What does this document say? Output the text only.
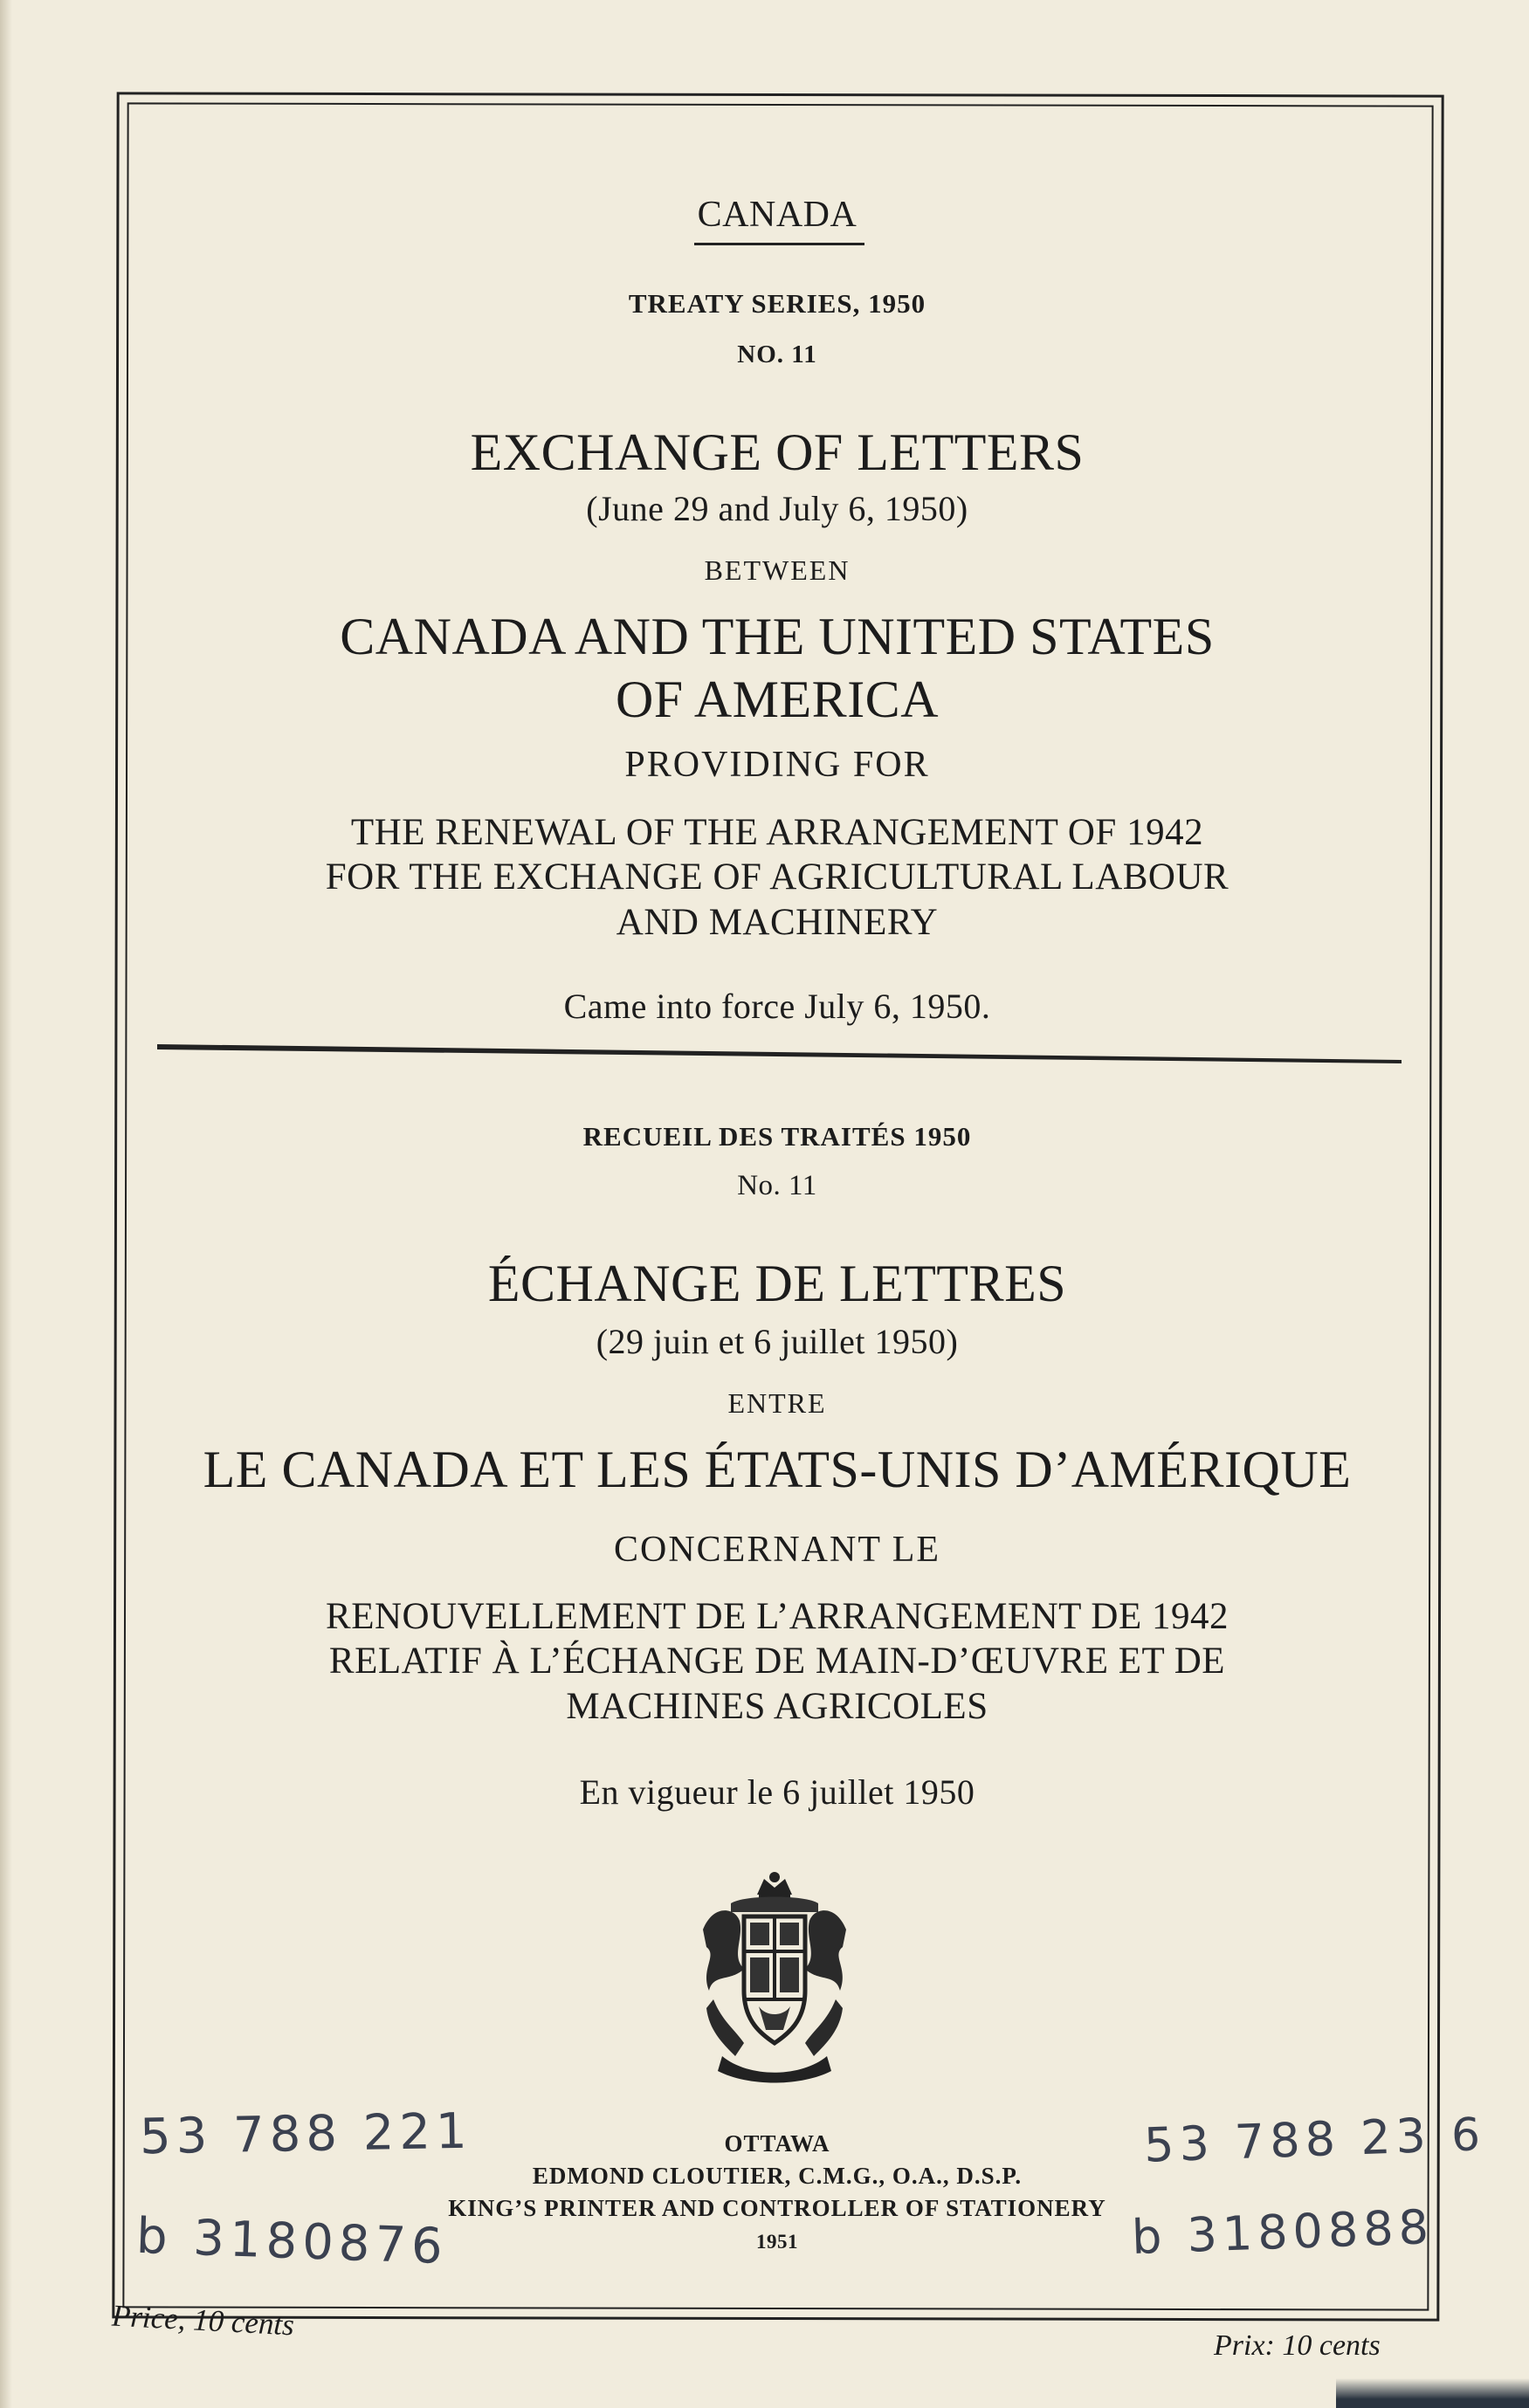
CANADA
TREATY SERIES, 1950
NO. 11
EXCHANGE OF LETTERS
(June 29 and July 6, 1950)
BETWEEN
CANADA AND THE UNITED STATES
OF AMERICA
PROVIDING FOR
THE RENEWAL OF THE ARRANGEMENT OF 1942
FOR THE EXCHANGE OF AGRICULTURAL LABOUR
AND MACHINERY
Came into force July 6, 1950.
RECUEIL DES TRAITÉS 1950
No. 11
ÉCHANGE DE LETTRES
(29 juin et 6 juillet 1950)
ENTRE
LE CANADA ET LES ÉTATS-UNIS D’AMÉRIQUE
CONCERNANT LE
RENOUVELLEMENT DE L’ARRANGEMENT DE 1942
RELATIF À L’ÉCHANGE DE MAIN-D’ŒUVRE ET DE
MACHINES AGRICOLES
En vigueur le 6 juillet 1950
OTTAWA
EDMOND CLOUTIER, C.M.G., O.A., D.S.P.
KING’S PRINTER AND CONTROLLER OF STATIONERY
1951
53 788 221
b 3180876
53 788 23 6
b 3180888
Price, 10 cents
Prix: 10 cents
